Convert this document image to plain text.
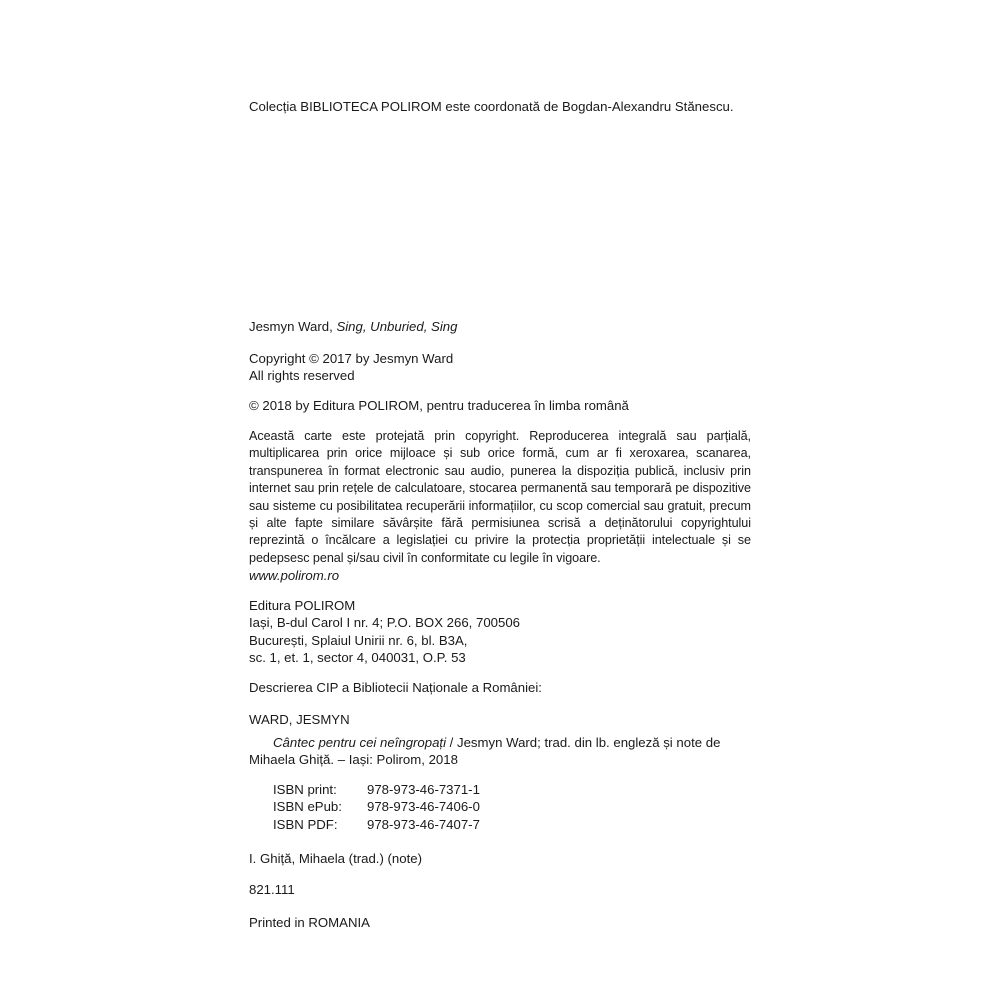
Colecția BIBLIOTECA POLIROM este coordonată de Bogdan-Alexandru Stănescu.

Jesmyn Ward, Sing, Unburied, Sing

Copyright © 2017 by Jesmyn Ward
All rights reserved

© 2018 by Editura POLIROM, pentru traducerea în limba română

Această carte este protejată prin copyright. Reproducerea integrală sau parțială, multiplicarea prin orice mijloace și sub orice formă, cum ar fi xeroxarea, scanarea, transpunerea în format electronic sau audio, punerea la dispoziția publică, inclusiv prin internet sau prin rețele de calculatoare, stocarea permanentă sau temporară pe dispozitive sau sisteme cu posibilitatea recuperării informațiilor, cu scop comercial sau gratuit, precum și alte fapte similare săvârșite fără permisiunea scrisă a deținătorului copyrightului reprezintă o încălcare a legislației cu privire la protecția proprietății intelectuale și se pedepsesc penal și/sau civil în conformitate cu legile în vigoare.

www.polirom.ro

Editura POLIROM
Iași, B-dul Carol I nr. 4; P.O. BOX 266, 700506
București, Splaiul Unirii nr. 6, bl. B3A,
sc. 1, et. 1, sector 4, 040031, O.P. 53

Descrierea CIP a Bibliotecii Naționale a României:

WARD, JESMYN

Cântec pentru cei neîngropați / Jesmyn Ward; trad. din lb. engleză și note de Mihaela Ghiță. – Iași: Polirom, 2018

ISBN print: 978-973-46-7371-1
ISBN ePub: 978-973-46-7406-0
ISBN PDF: 978-973-46-7407-7

I. Ghiță, Mihaela (trad.) (note)

821.111

Printed in ROMANIA
